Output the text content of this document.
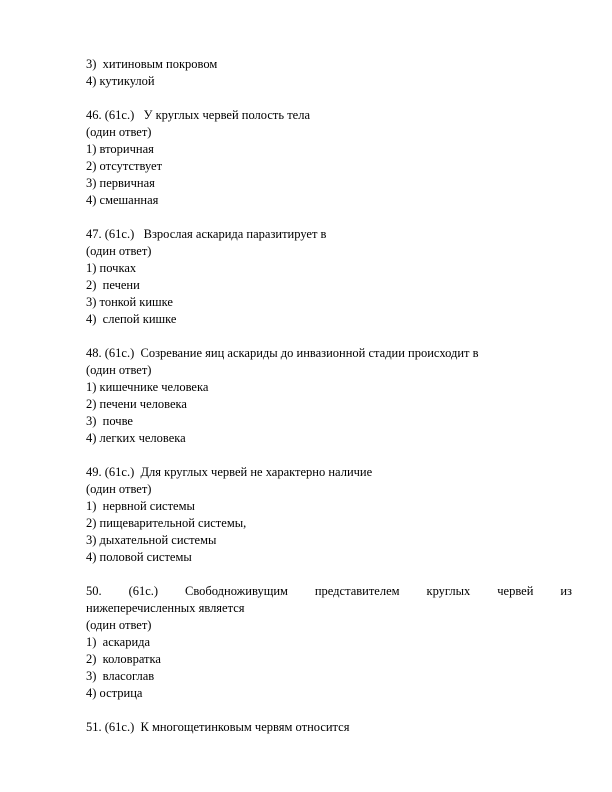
3)  хитиновым покровом
4) кутикулой
46. (61с.)   У круглых червей полость тела
(один ответ)
1) вторичная
2) отсутствует
3) первичная
4) смешанная
47. (61с.)   Взрослая аскарида паразитирует в
(один ответ)
1) почках
2)  печени
3) тонкой кишке
4)  слепой кишке
48. (61с.)  Созревание яиц аскариды до инвазионной стадии происходит в
(один ответ)
1) кишечнике человека
2) печени человека
3)  почве
4) легких человека
49. (61с.)  Для круглых червей не характерно наличие
(один ответ)
1)  нервной системы
2) пищеварительной системы,
3) дыхательной системы
4) половой системы
50. (61с.) Свободноживущим представителем круглых червей из
нижеперечисленных является
(один ответ)
1)  аскарида
2)  коловратка
3)  власоглав
4) острица
51. (61с.)  К многощетинковым червям относится
